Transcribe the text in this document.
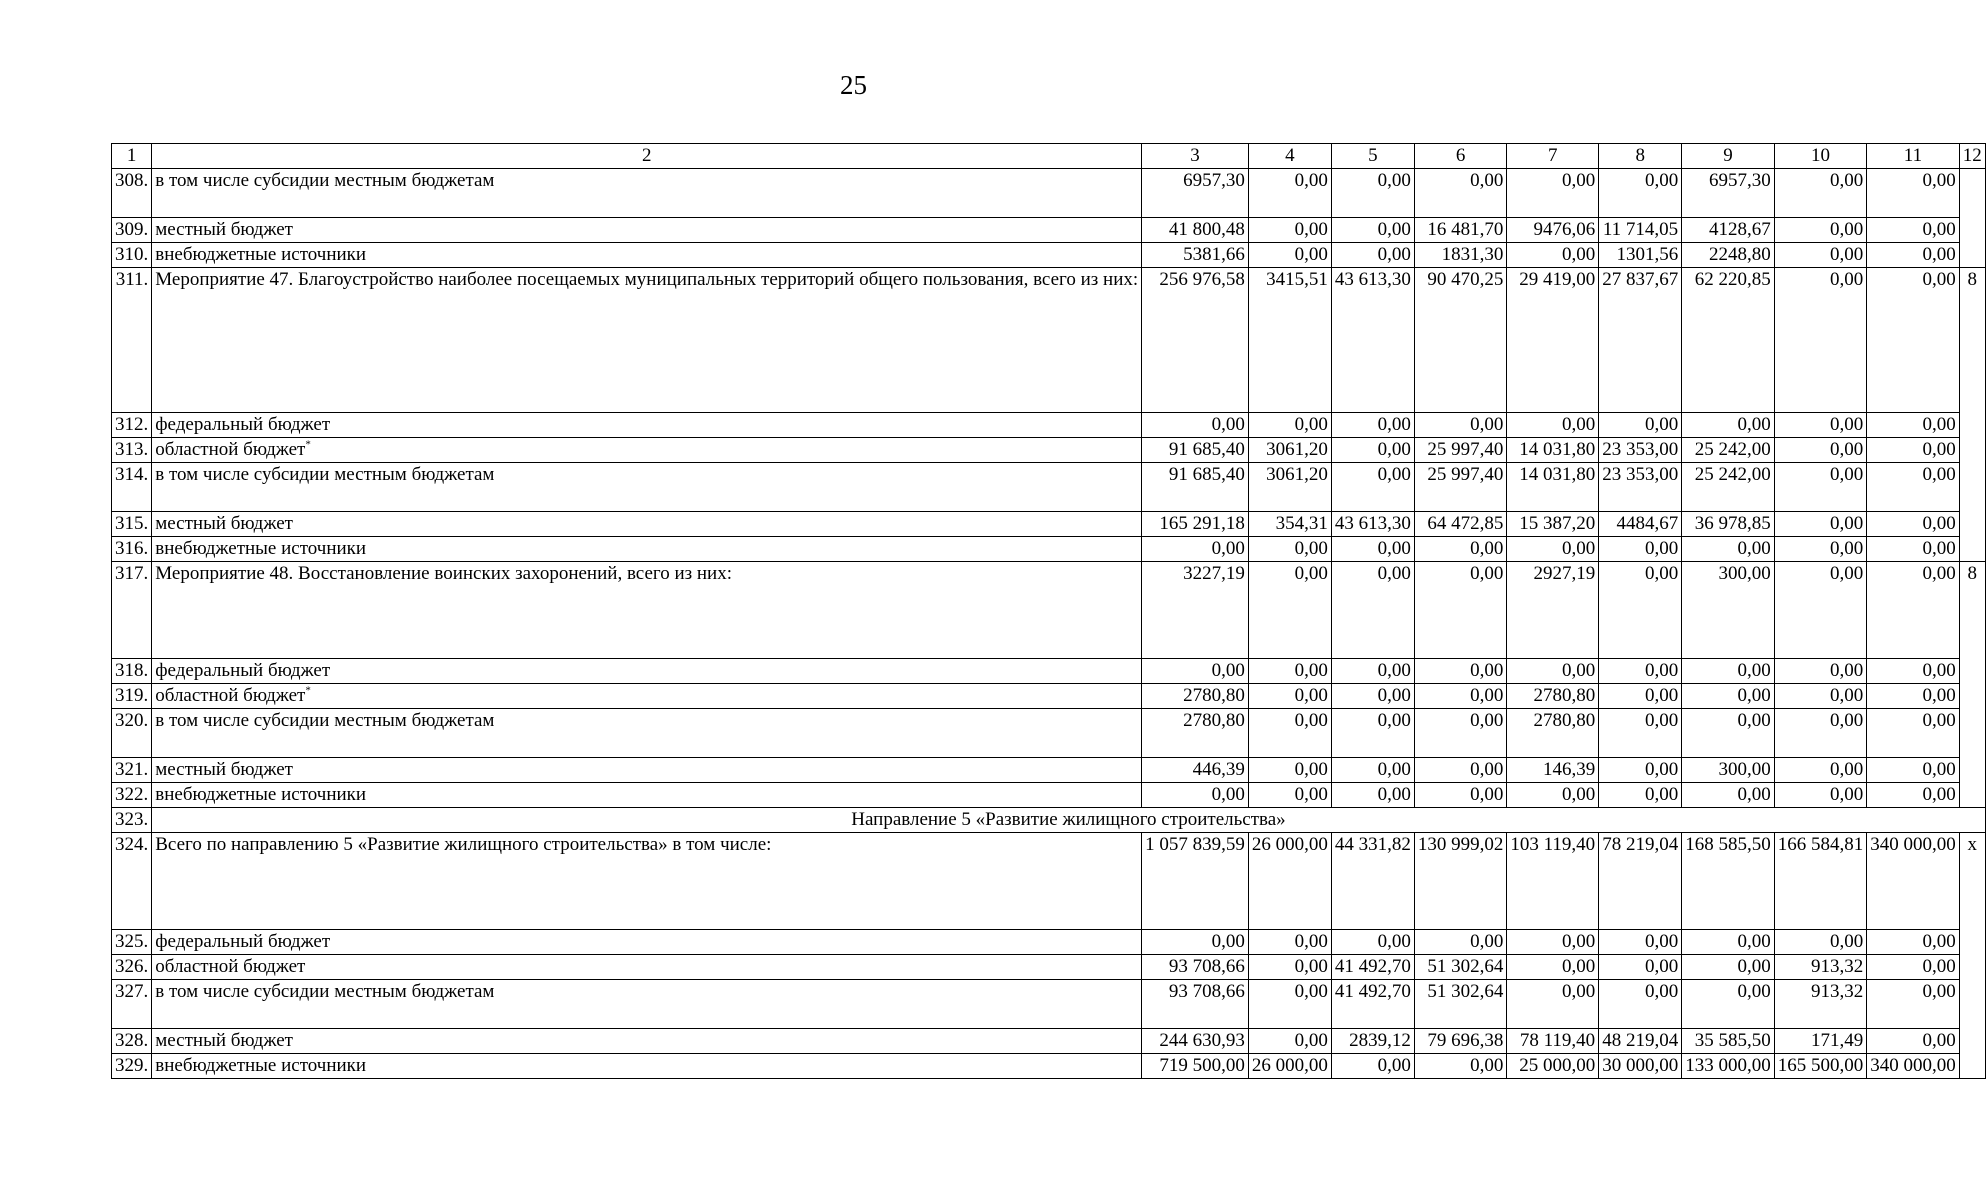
25
1	2	3	4	5	6	7	8	9	10	11	12
308.	в том числе субсидии местным бюджетам	6957,30	0,00	0,00	0,00	0,00	0,00	6957,30	0,00	0,00	
309.	местный бюджет	41 800,48	0,00	0,00	16 481,70	9476,06	11 714,05	4128,67	0,00	0,00	
310.	внебюджетные источники	5381,66	0,00	0,00	1831,30	0,00	1301,56	2248,80	0,00	0,00	
311.	Мероприятие 47. Благоустройство наиболее посещаемых муниципальных территорий общего пользования, всего из них:	256 976,58	3415,51	43 613,30	90 470,25	29 419,00	27 837,67	62 220,85	0,00	0,00	8
312.	федеральный бюджет	0,00	0,00	0,00	0,00	0,00	0,00	0,00	0,00	0,00	
313.	областной бюджет*	91 685,40	3061,20	0,00	25 997,40	14 031,80	23 353,00	25 242,00	0,00	0,00	
314.	в том числе субсидии местным бюджетам	91 685,40	3061,20	0,00	25 997,40	14 031,80	23 353,00	25 242,00	0,00	0,00	
315.	местный бюджет	165 291,18	354,31	43 613,30	64 472,85	15 387,20	4484,67	36 978,85	0,00	0,00	
316.	внебюджетные источники	0,00	0,00	0,00	0,00	0,00	0,00	0,00	0,00	0,00	
317.	Мероприятие 48. Восстановление воинских захоронений, всего из них:	3227,19	0,00	0,00	0,00	2927,19	0,00	300,00	0,00	0,00	8
318.	федеральный бюджет	0,00	0,00	0,00	0,00	0,00	0,00	0,00	0,00	0,00	
319.	областной бюджет*	2780,80	0,00	0,00	0,00	2780,80	0,00	0,00	0,00	0,00	
320.	в том числе субсидии местным бюджетам	2780,80	0,00	0,00	0,00	2780,80	0,00	0,00	0,00	0,00	
321.	местный бюджет	446,39	0,00	0,00	0,00	146,39	0,00	300,00	0,00	0,00	
322.	внебюджетные источники	0,00	0,00	0,00	0,00	0,00	0,00	0,00	0,00	0,00	
323.	Направление 5 «Развитие жилищного строительства»										
324.	Всего по направлению 5 «Развитие жилищного строительства» в том числе:	1 057 839,59	26 000,00	44 331,82	130 999,02	103 119,40	78 219,04	168 585,50	166 584,81	340 000,00	х
325.	федеральный бюджет	0,00	0,00	0,00	0,00	0,00	0,00	0,00	0,00	0,00	
326.	областной бюджет	93 708,66	0,00	41 492,70	51 302,64	0,00	0,00	0,00	913,32	0,00	
327.	в том числе субсидии местным бюджетам	93 708,66	0,00	41 492,70	51 302,64	0,00	0,00	0,00	913,32	0,00	
328.	местный бюджет	244 630,93	0,00	2839,12	79 696,38	78 119,40	48 219,04	35 585,50	171,49	0,00	
329.	внебюджетные источники	719 500,00	26 000,00	0,00	0,00	25 000,00	30 000,00	133 000,00	165 500,00	340 000,00	
